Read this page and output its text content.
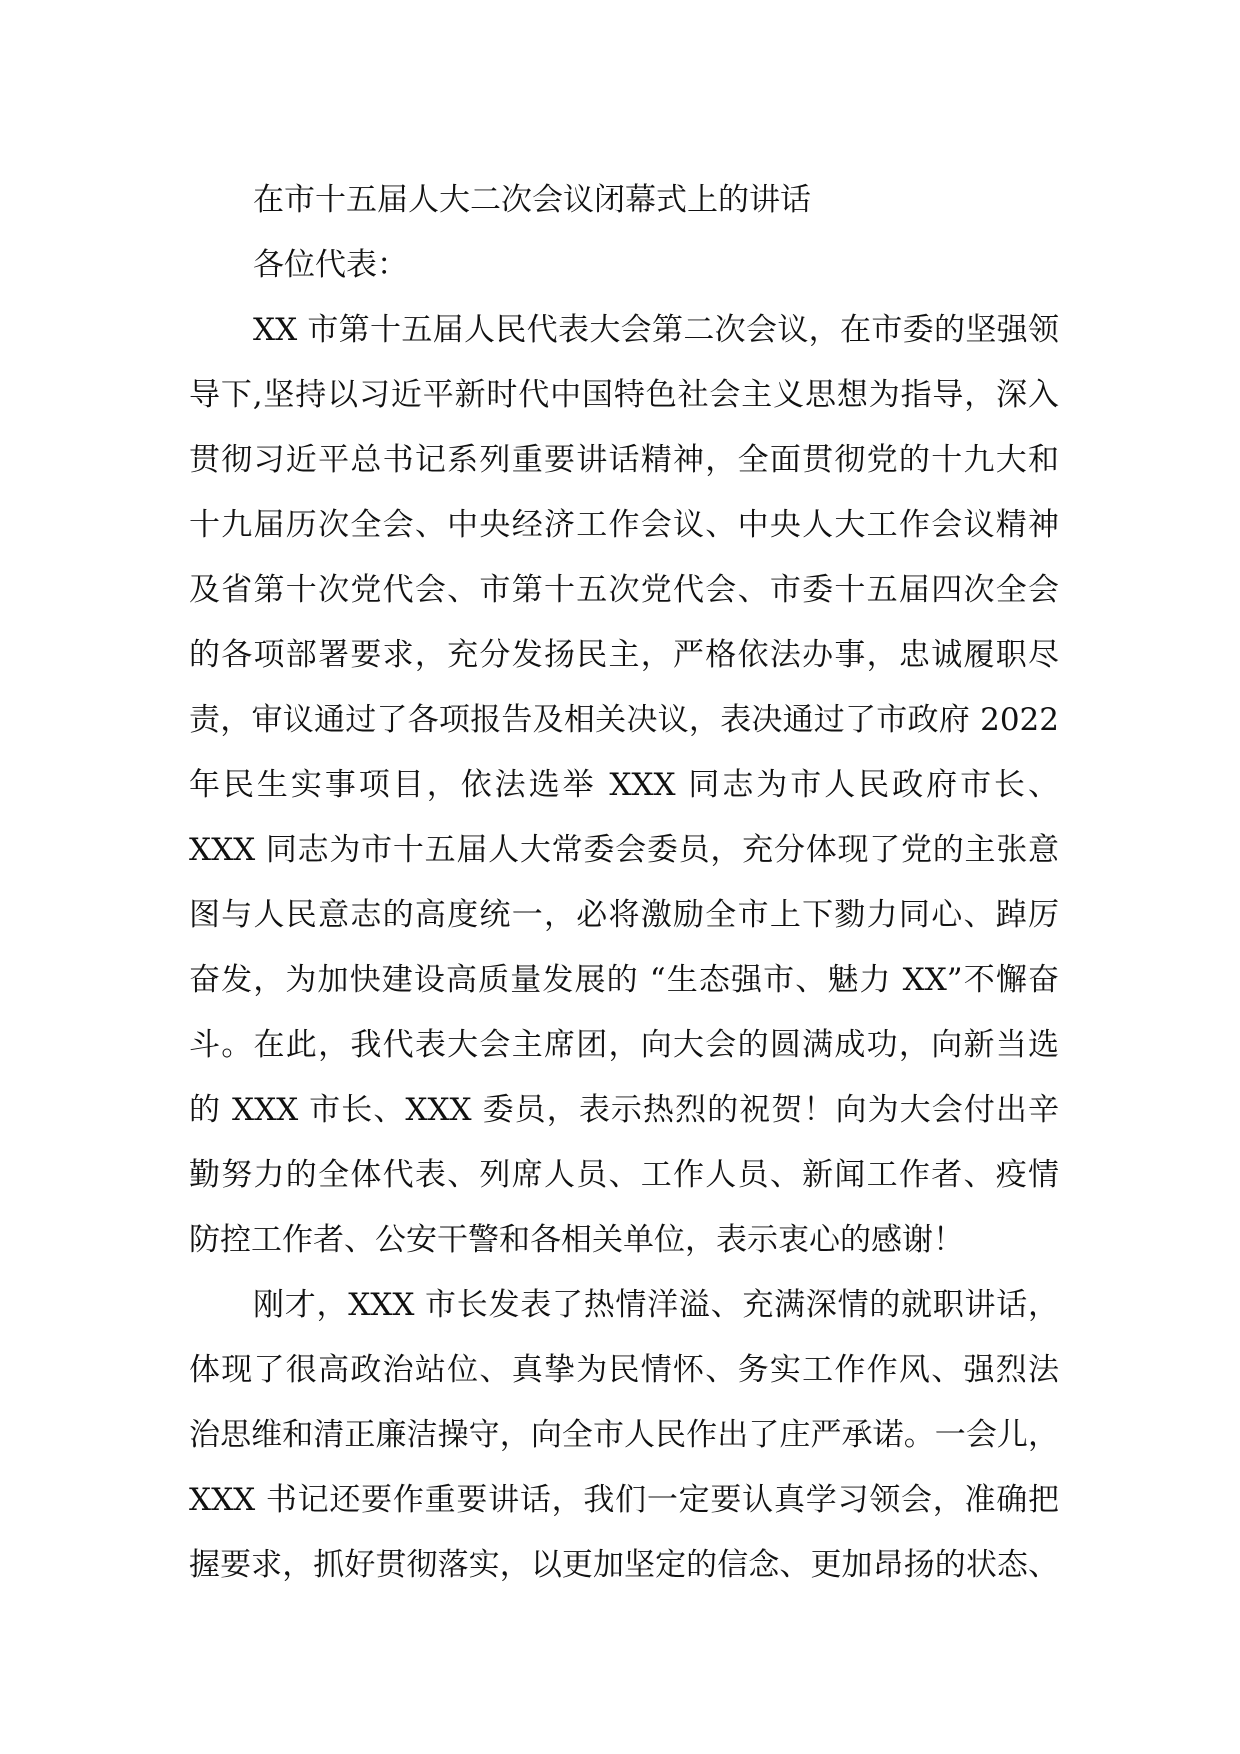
在市十五届人大二次会议闭幕式上的讲话
各位代表：
XX 市第十五届人民代表大会第二次会议，在市委的坚强领
导下,坚持以习近平新时代中国特色社会主义思想为指导，深入
贯彻习近平总书记系列重要讲话精神，全面贯彻党的十九大和
十九届历次全会、中央经济工作会议、中央人大工作会议精神
及省第十次党代会、市第十五次党代会、市委十五届四次全会
的各项部署要求，充分发扬民主，严格依法办事，忠诚履职尽
责，审议通过了各项报告及相关决议，表决通过了市政府 2022
年民生实事项目，依法选举 XXX 同志为市人民政府市长、
XXX 同志为市十五届人大常委会委员，充分体现了党的主张意
图与人民意志的高度统一，必将激励全市上下勠力同心、踔厉
奋发，为加快建设高质量发展的 “生态强市、魅力 XX”不懈奋
斗。在此，我代表大会主席团，向大会的圆满成功，向新当选
的 XXX 市长、XXX 委员，表示热烈的祝贺！向为大会付出辛
勤努力的全体代表、列席人员、工作人员、新闻工作者、疫情
防控工作者、公安干警和各相关单位，表示衷心的感谢！
刚才，XXX 市长发表了热情洋溢、充满深情的就职讲话，
体现了很高政治站位、真挚为民情怀、务实工作作风、强烈法
治思维和清正廉洁操守，向全市人民作出了庄严承诺。一会儿，
XXX 书记还要作重要讲话，我们一定要认真学习领会，准确把
握要求，抓好贯彻落实，以更加坚定的信念、更加昂扬的状态、
